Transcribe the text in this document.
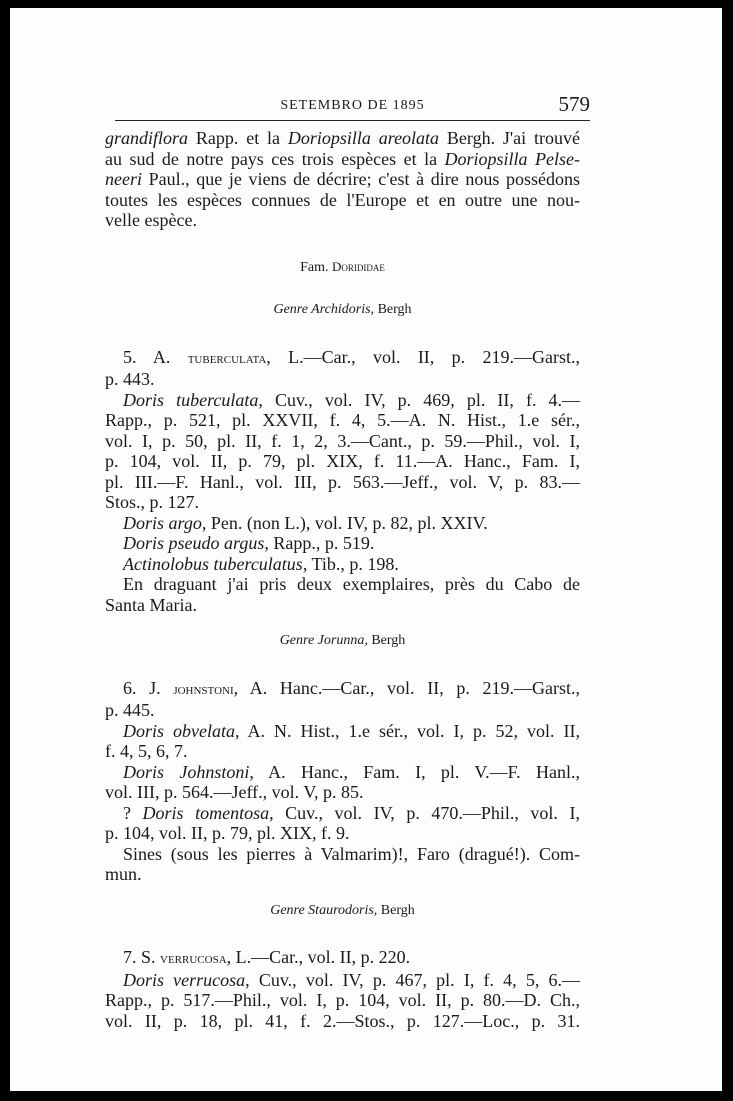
SETEMBRO DE 1895	579

grandiflora Rapp. et la Doriopsilla areolata Bergh. J'ai trouvé

au sud de notre pays ces trois espèces et la Doriopsilla Pelse-

neeri Paul., que je viens de décrire; c'est à dire nous possédons

toutes les espèces connues de l'Europe et en outre une nou-

velle espèce.

Fam. Dorididae

Genre Archidoris, Bergh

5. A. tuberculata, L.—Car., vol. II, p. 219.—Garst.,

p. 443.

Doris tuberculata, Cuv., vol. IV, p. 469, pl. II, f. 4.—

Rapp., p. 521, pl. XXVII, f. 4, 5.—A. N. Hist., 1.e sér.,

vol. I, p. 50, pl. II, f. 1, 2, 3.—Cant., p. 59.—Phil., vol. I,

p. 104, vol. II, p. 79, pl. XIX, f. 11.—A. Hanc., Fam. I,

pl. III.—F. Hanl., vol. III, p. 563.—Jeff., vol. V, p. 83.—

Stos., p. 127.

Doris argo, Pen. (non L.), vol. IV, p. 82, pl. XXIV.

Doris pseudo argus, Rapp., p. 519.

Actinolobus tuberculatus, Tib., p. 198.

En draguant j'ai pris deux exemplaires, près du Cabo de

Santa Maria.

Genre Jorunna, Bergh

6. J. johnstoni, A. Hanc.—Car., vol. II, p. 219.—Garst.,

p. 445.

Doris obvelata, A. N. Hist., 1.e sér., vol. I, p. 52, vol. II,

f. 4, 5, 6, 7.

Doris Johnstoni, A. Hanc., Fam. I, pl. V.—F. Hanl.,

vol. III, p. 564.—Jeff., vol. V, p. 85.

? Doris tomentosa, Cuv., vol. IV, p. 470.—Phil., vol. I,

p. 104, vol. II, p. 79, pl. XIX, f. 9.

Sines (sous les pierres à Valmarim)!, Faro (dragué!). Com-

mun.

Genre Staurodoris, Bergh

7. S. verrucosa, L.—Car., vol. II, p. 220.

Doris verrucosa, Cuv., vol. IV, p. 467, pl. I, f. 4, 5, 6.—

Rapp., p. 517.—Phil., vol. I, p. 104, vol. II, p. 80.—D. Ch.,

vol. II, p. 18, pl. 41, f. 2.—Stos., p. 127.—Loc., p. 31.
